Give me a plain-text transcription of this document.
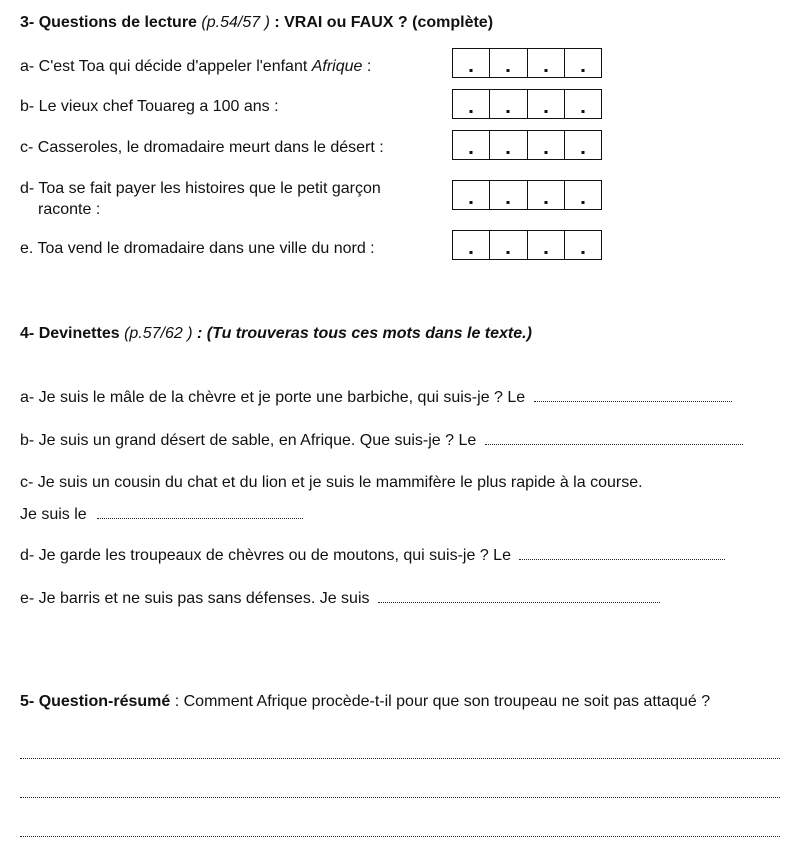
3- Questions de lecture (p.54/57 ) : VRAI ou FAUX ? (complète)
a- C'est Toa qui décide d'appeler l'enfant Afrique :
b- Le vieux chef Touareg a 100 ans :
c- Casseroles, le dromadaire meurt dans le désert :
d- Toa se fait payer les histoires que le petit garçon
raconte :
e. Toa vend le dromadaire dans une ville du nord :
4- Devinettes (p.57/62 ) : (Tu trouveras tous ces mots dans le texte.)
a- Je suis le mâle de la chèvre et je porte une barbiche, qui suis-je ? Le
b- Je suis un grand désert de sable, en Afrique. Que suis-je ? Le
c- Je suis un cousin du chat et du lion et je suis le mammifère le plus rapide à la course.
Je suis le
d- Je garde les troupeaux de chèvres ou de moutons, qui suis-je ? Le
e- Je barris et ne suis pas sans défenses. Je suis
5- Question-résumé : Comment Afrique procède-t-il pour que son troupeau ne soit pas attaqué ?
